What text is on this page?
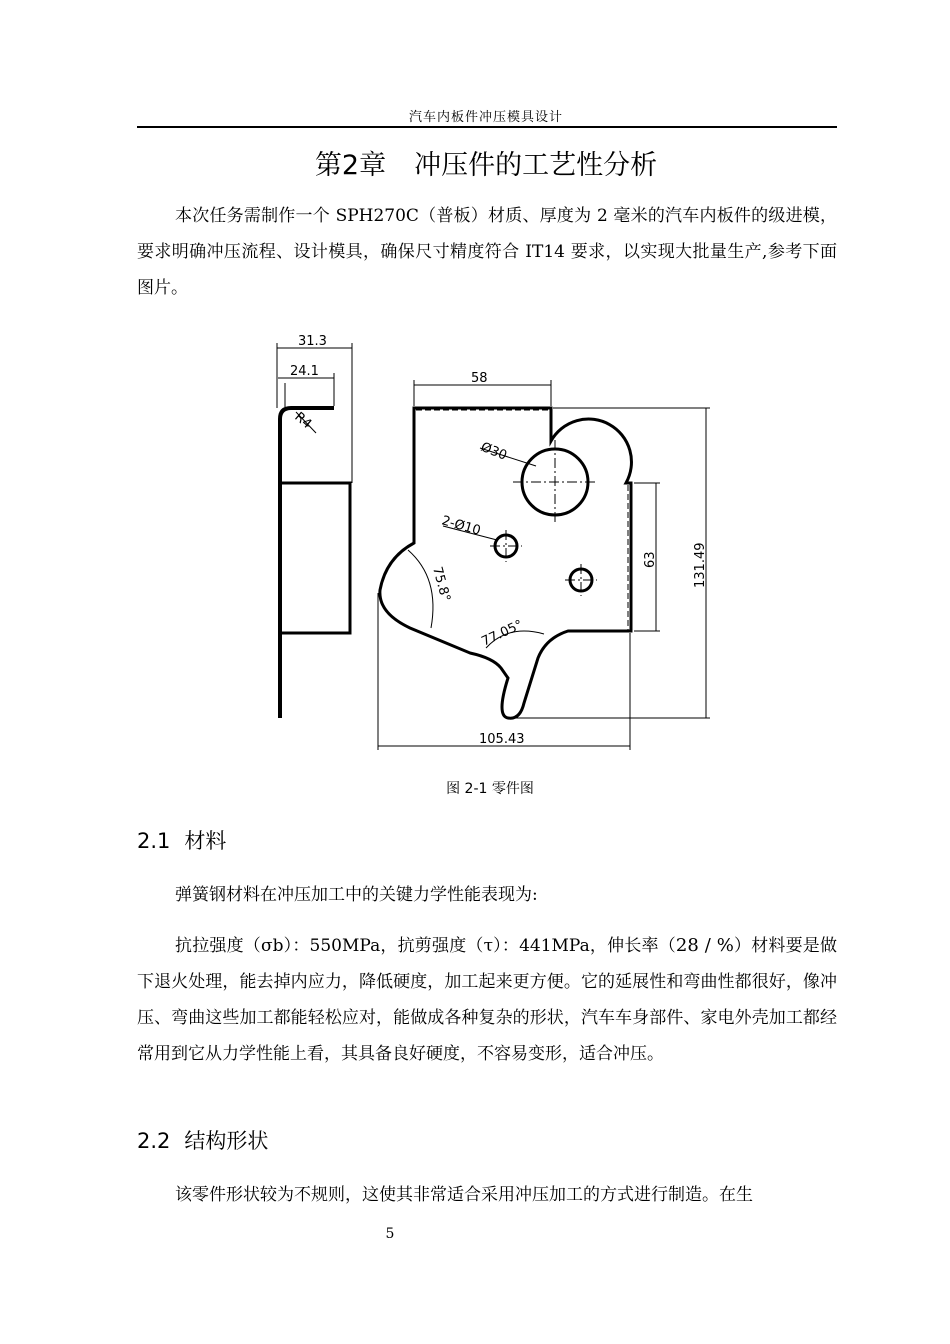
汽车内板件冲压模具设计
第2章 冲压件的工艺性分析

本次任务需制作一个 SPH270C（普板）材质、厚度为 2 毫米的汽车内板件的级进模，要求明确冲压流程、设计模具，确保尺寸精度符合 IT14 要求，以实现大批量生产,参考下面图片。

31.3
24.1
R4
58
Ø30
2-Ø10
75.8°
77.05°
63	131.49
105.43
图 2-1 零件图
2.1 材料

弹簧钢材料在冲压加工中的关键力学性能表现为:

抗拉强度（σb）：550MPa，抗剪强度（τ）：441MPa，伸长率（28 / %）材料要是做下退火处理，能去掉内应力，降低硬度，加工起来更方便。它的延展性和弯曲性都很好，像冲压、弯曲这些加工都能轻松应对，能做成各种复杂的形状，汽车车身部件、家电外壳加工都经常用到它从力学性能上看，其具备良好硬度，不容易变形，适合冲压。

2.2 结构形状

该零件形状较为不规则，这使其非常适合采用冲压加工的方式进行制造。在生

5
